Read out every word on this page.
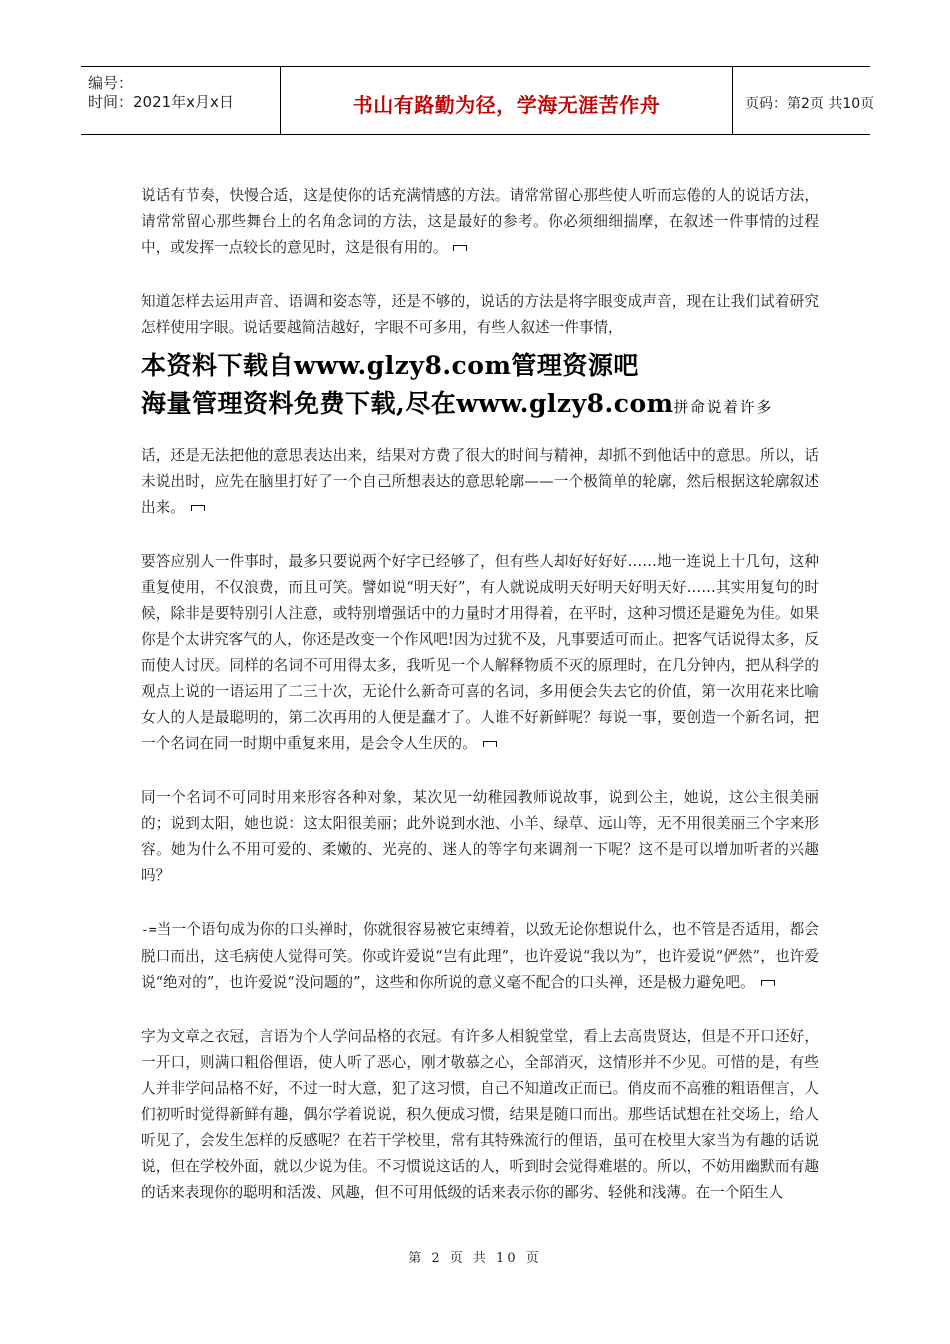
编号：
时间：2021年x月x日	书山有路勤为径，学海无涯苦作舟	页码：第2页 共10页

说话有节奏，快慢合适，这是使你的话充满情感的方法。请常常留心那些使人听而忘倦的人的说话方法，请常常留心那些舞台上的名角念词的方法，这是最好的参考。你必须细细揣摩，在叙述一件事情的过程中，或发挥一点较长的意见时，这是很有用的。

知道怎样去运用声音、语调和姿态等，还是不够的，说话的方法是将字眼变成声音，现在让我们试着研究怎样使用字眼。说话要越简洁越好，字眼不可多用，有些人叙述一件事情，

本资料下载自www.glzy8.com管理资源吧
海量管理资料免费下载,尽在www.glzy8.com拼命说着许多

话，还是无法把他的意思表达出来，结果对方费了很大的时间与精神，却抓不到他话中的意思。所以，话未说出时，应先在脑里打好了一个自己所想表达的意思轮廓——一个极简单的轮廓，然后根据这轮廓叙述出来。

要答应别人一件事时，最多只要说两个好字已经够了，但有些人却好好好好……地一连说上十几句，这种重复使用，不仅浪费，而且可笑。譬如说“明天好”，有人就说成明天好明天好明天好……其实用复句的时候，除非是要特别引人注意，或特别增强话中的力量时才用得着，在平时，这种习惯还是避免为佳。如果你是个太讲究客气的人，你还是改变一个作风吧!因为过犹不及，凡事要适可而止。把客气话说得太多，反而使人讨厌。同样的名词不可用得太多，我听见一个人解释物质不灭的原理时，在几分钟内，把从科学的观点上说的一语运用了二三十次，无论什么新奇可喜的名词，多用便会失去它的价值，第一次用花来比喻女人的人是最聪明的，第二次再用的人便是蠢才了。人谁不好新鲜呢？每说一事，要创造一个新名词，把一个名词在同一时期中重复来用，是会令人生厌的。

同一个名词不可同时用来形容各种对象，某次见一幼稚园教师说故事，说到公主，她说，这公主很美丽的；说到太阳，她也说：这太阳很美丽；此外说到水池、小羊、绿草、远山等，无不用很美丽三个字来形容。她为什么不用可爱的、柔嫩的、光亮的、迷人的等字句来调剂一下呢？这不是可以增加听者的兴趣吗？

-=当一个语句成为你的口头禅时，你就很容易被它束缚着，以致无论你想说什么，也不管是否适用，都会脱口而出，这毛病使人觉得可笑。你或许爱说“岂有此理”，也许爱说“我以为”，也许爱说“俨然”，也许爱说“绝对的”，也许爱说“没问题的”，这些和你所说的意义毫不配合的口头禅，还是极力避免吧。

字为文章之衣冠，言语为个人学问品格的衣冠。有许多人相貌堂堂，看上去高贵贤达，但是不开口还好，一开口，则满口粗俗俚语，使人听了恶心，刚才敬慕之心，全部消灭，这情形并不少见。可惜的是，有些人并非学问品格不好，不过一时大意，犯了这习惯，自己不知道改正而已。俏皮而不高雅的粗语俚言，人们初听时觉得新鲜有趣，偶尔学着说说，积久便成习惯，结果是随口而出。那些话试想在社交场上，给人听见了，会发生怎样的反感呢？在若干学校里，常有其特殊流行的俚语，虽可在校里大家当为有趣的话说说，但在学校外面，就以少说为佳。不习惯说这话的人，听到时会觉得难堪的。所以，不妨用幽默而有趣的话来表现你的聪明和活泼、风趣，但不可用低级的话来表示你的鄙劣、轻佻和浅薄。在一个陌生人

第 2 页 共 10 页
